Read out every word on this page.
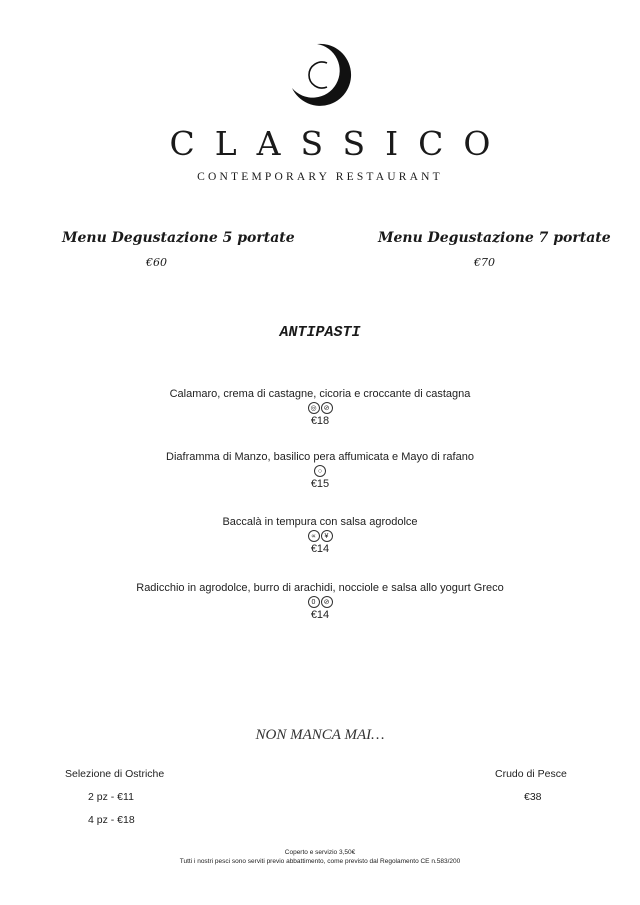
CLASSICO
CONTEMPORARY RESTAURANT
Menu Degustazione 5 portate
€60
Menu Degustazione 7 portate
€70
ANTIPASTI
Calamaro, crema di castagne, cicoria e croccante di castagna
◎	⊘
€18
Diaframma di Manzo, basilico pera affumicata e Mayo di rafano
○
€15
Baccalà in tempura con salsa agrodolce
∝	¥
€14
Radicchio in agrodolce, burro di arachidi, nocciole e salsa allo yogurt Greco
0	⊘
€14
NON MANCA MAI…
Selezione di Ostriche
2 pz - €11
4 pz - €18
Crudo di Pesce
€38
Coperto e servizio 3,50€
Tutti i nostri pesci sono serviti previo abbattimento, come previsto dal Regolamento CE n.583/200
